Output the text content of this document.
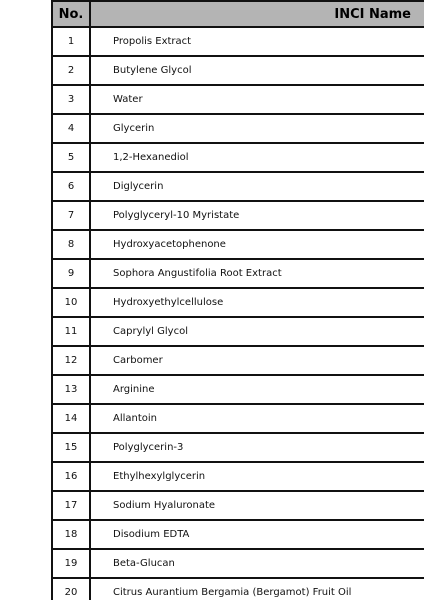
No.	INCI Name
1	Propolis Extract
2	Butylene Glycol
3	Water
4	Glycerin
5	1,2-Hexanediol
6	Diglycerin
7	Polyglyceryl-10 Myristate
8	Hydroxyacetophenone
9	Sophora Angustifolia Root Extract
10	Hydroxyethylcellulose
11	Caprylyl Glycol
12	Carbomer
13	Arginine
14	Allantoin
15	Polyglycerin-3
16	Ethylhexylglycerin
17	Sodium Hyaluronate
18	Disodium EDTA
19	Beta-Glucan
20	Citrus Aurantium Bergamia (Bergamot) Fruit Oil
